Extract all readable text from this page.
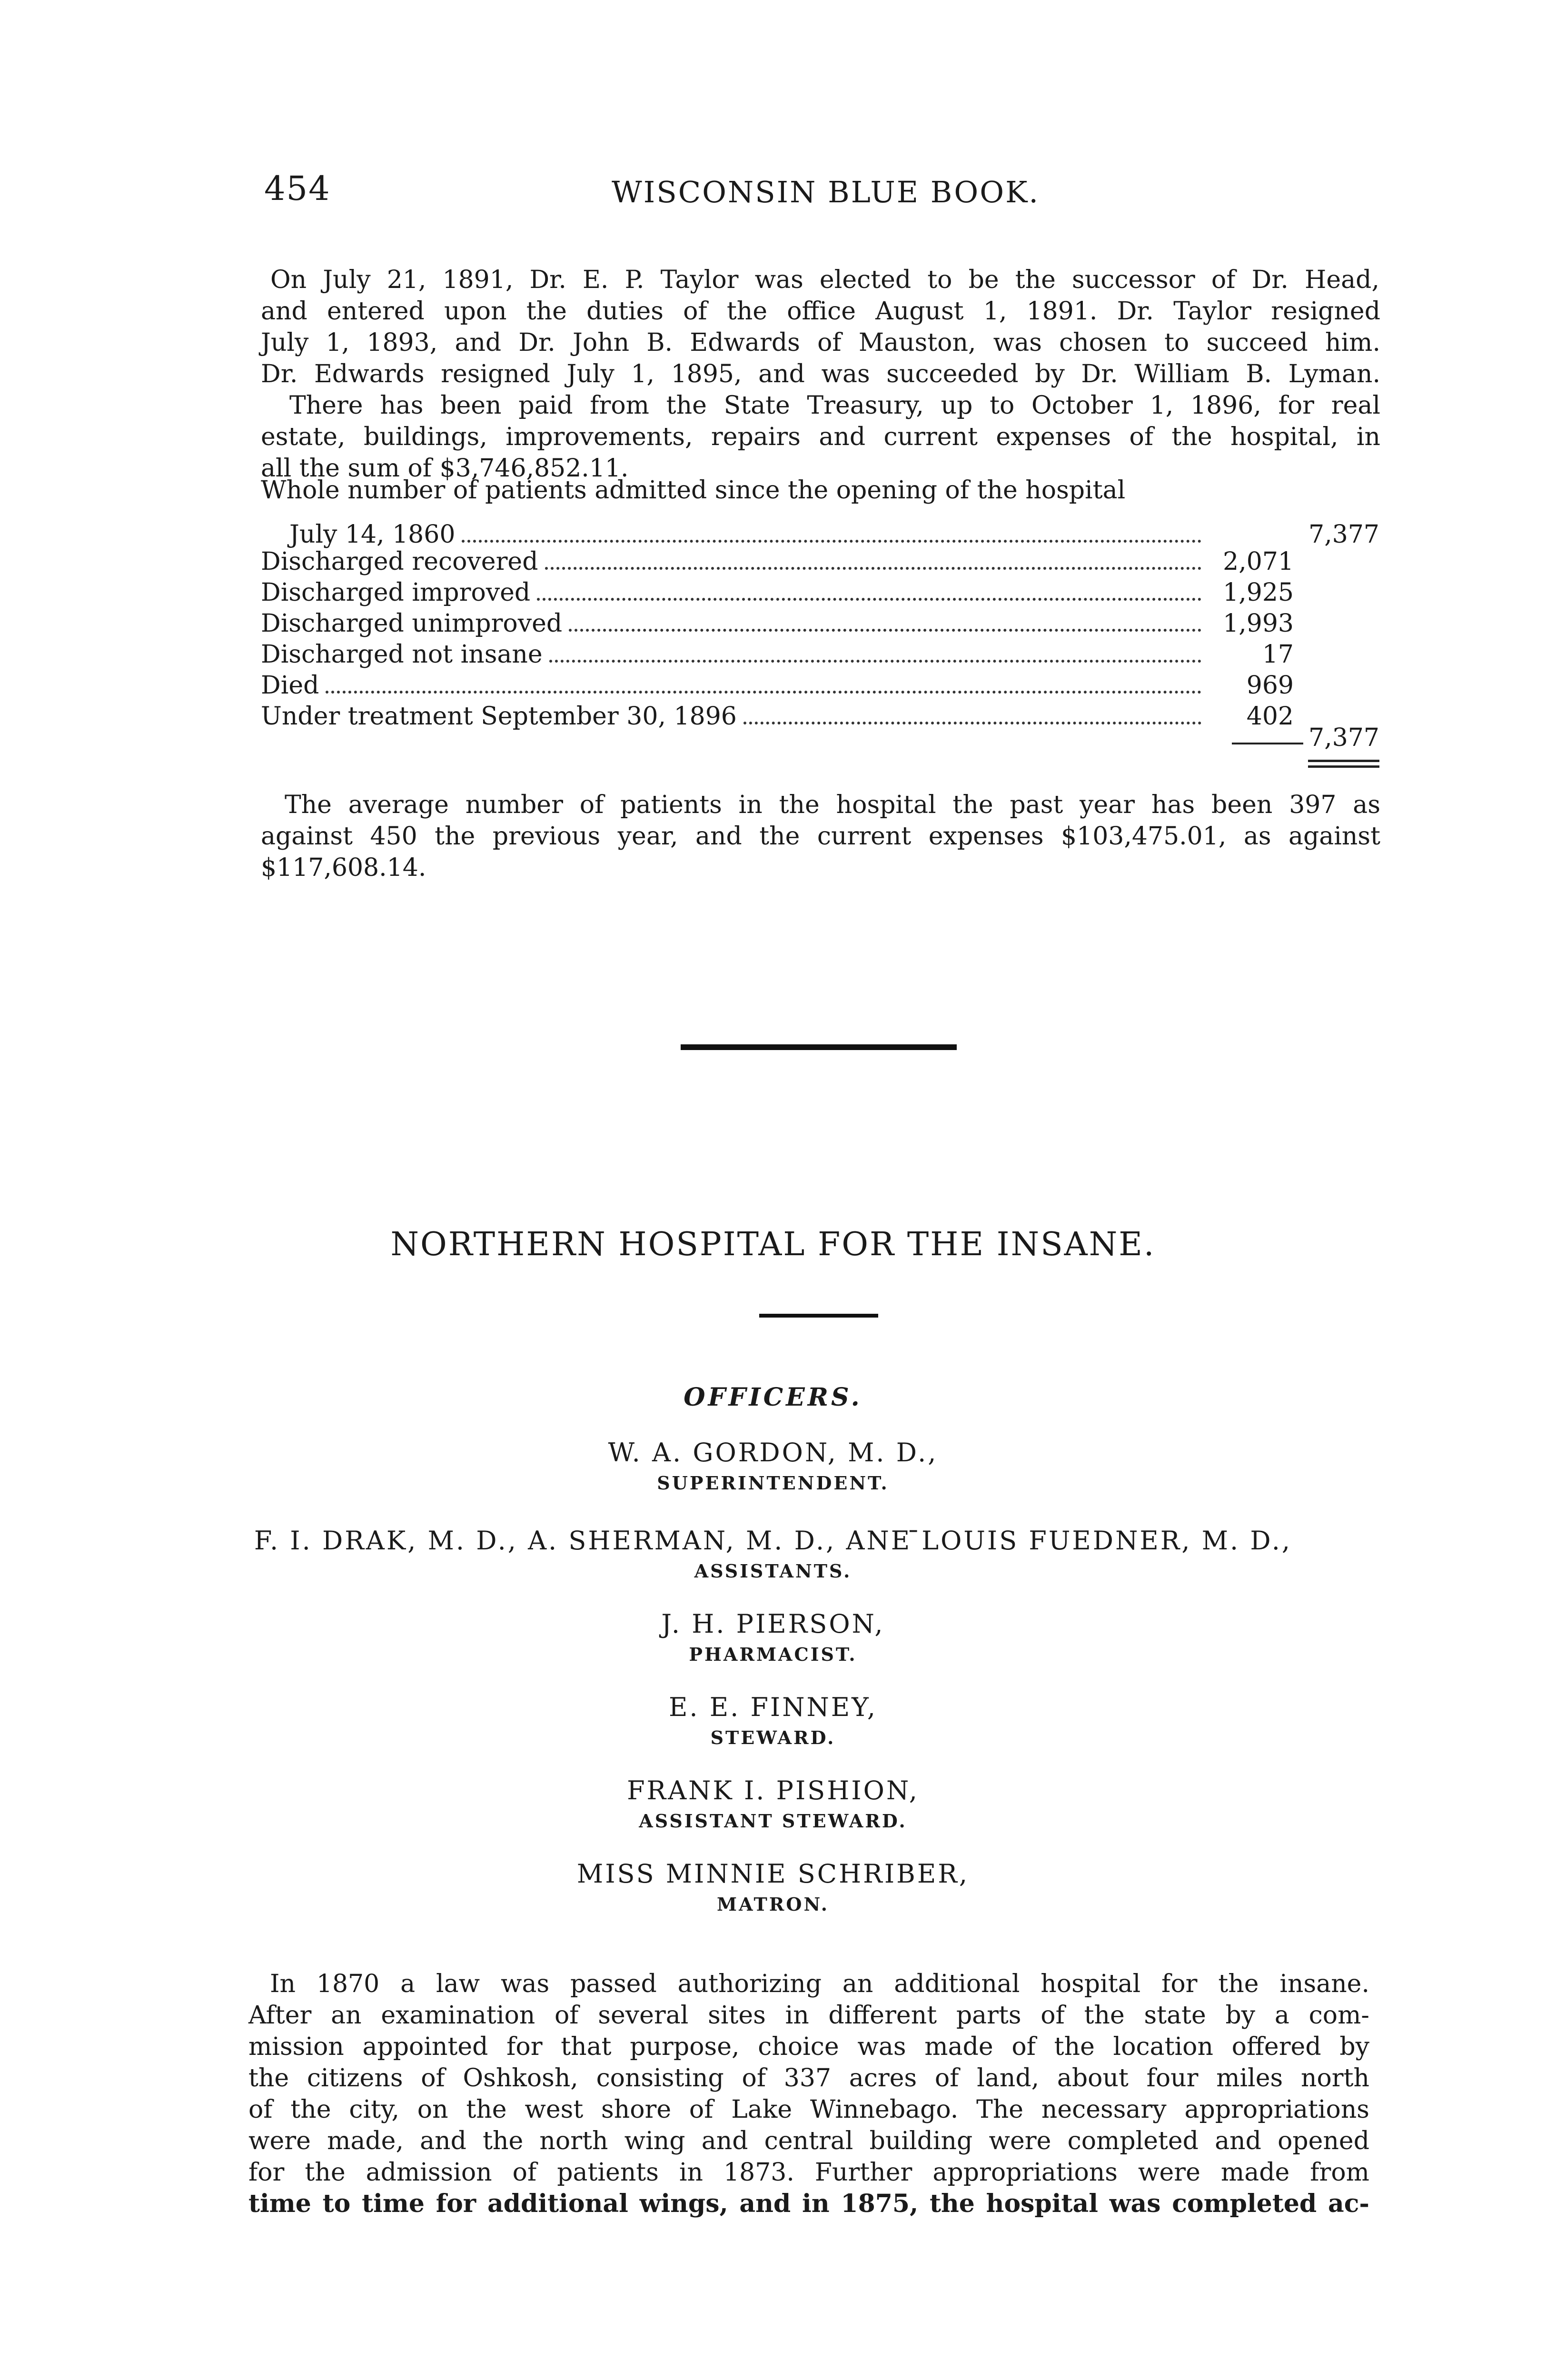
454	WISCONSIN BLUE BOOK.
On July 21, 1891, Dr. E. P. Taylor was elected to be the successor of Dr. Head,
and entered upon the duties of the office August 1, 1891. Dr. Taylor resigned
July 1, 1893, and Dr. John B. Edwards of Mauston, was chosen to succeed him.
Dr. Edwards resigned July 1, 1895, and was succeeded by Dr. William B. Lyman.
There has been paid from the State Treasury, up to October 1, 1896, for real
estate, buildings, improvements, repairs and current expenses of the hospital, in
all the sum of $3,746,852.11.
Whole number of patients admitted since the opening of the hospital
July 14, 1860	7,377
Discharged recovered	2,071
Discharged improved	1,925
Discharged unimproved	1,993
Discharged not insane	17
Died	969
Under treatment September 30, 1896	402
7,377
The average number of patients in the hospital the past year has been 397 as
against 450 the previous year, and the current expenses $103,475.01, as against
$117,608.14.
NORTHERN HOSPITAL FOR THE INSANE.
OFFICERS.
W. A. GORDON, M. D.,
SUPERINTENDENT.
F. I. DRAK, M. D., A. SHERMAN, M. D., ANE ̄LOUIS FUEDNER, M. D.,
ASSISTANTS.
J. H. PIERSON,
PHARMACIST.
E. E. FINNEY,
STEWARD.
FRANK I. PISHION,
ASSISTANT STEWARD.
MISS MINNIE SCHRIBER,
MATRON.
In 1870 a law was passed authorizing an additional hospital for the insane.
After an examination of several sites in different parts of the state by a com-
mission appointed for that purpose, choice was made of the location offered by
the citizens of Oshkosh, consisting of 337 acres of land, about four miles north
of the city, on the west shore of Lake Winnebago. The necessary appropriations
were made, and the north wing and central building were completed and opened
for the admission of patients in 1873. Further appropriations were made from
time to time for additional wings, and in 1875, the hospital was completed ac-
